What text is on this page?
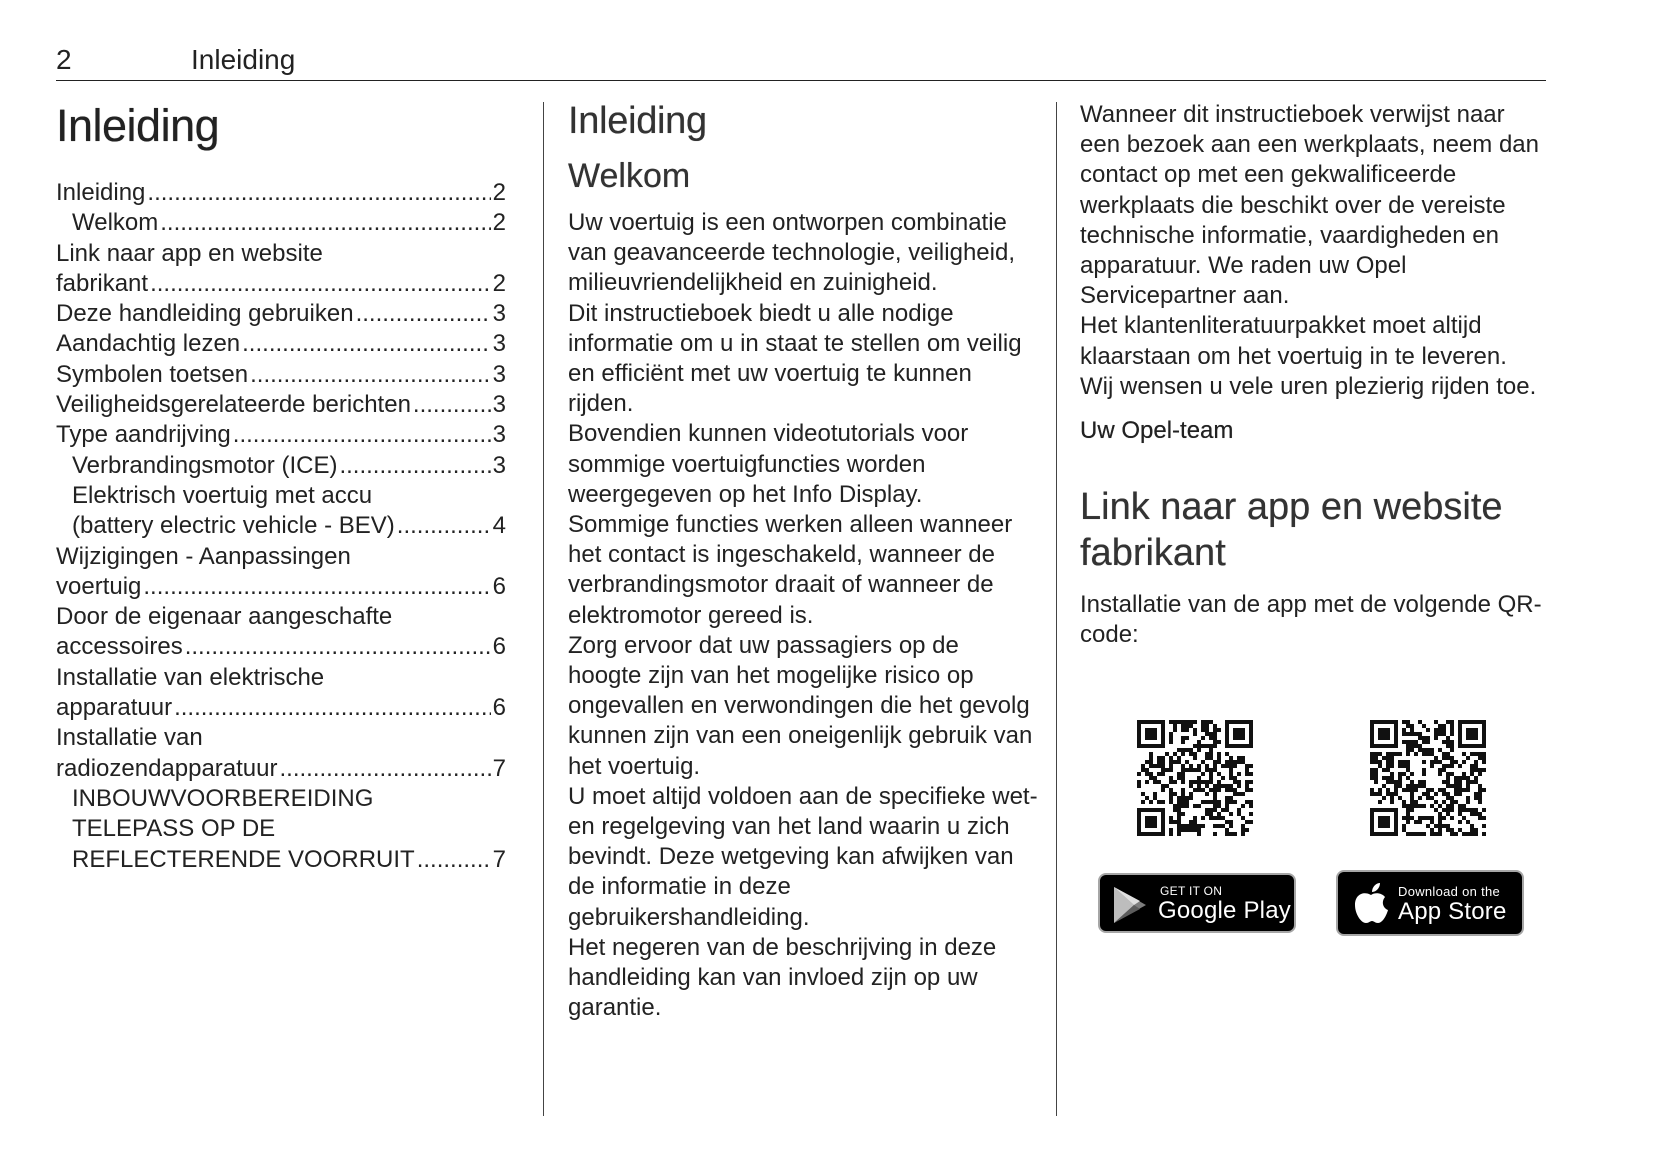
2	Inleiding
Inleiding
Inleiding .....	2
Welkom .....	2
Link naar app en website
fabrikant .....	2
Deze handleiding gebruiken .....	3
Aandachtig lezen .....	3
Symbolen toetsen .....	3
Veiligheidsgerelateerde berichten .....	3
Type aandrijving .....	3
Verbrandingsmotor (ICE) .....	3
Elektrisch voertuig met accu
(battery electric vehicle - BEV) .....	4
Wijzigingen - Aanpassingen
voertuig .....	6
Door de eigenaar aangeschafte
accessoires .....	6
Installatie van elektrische
apparatuur .....	6
Installatie van
radiozendapparatuur .....	7
INBOUWVOORBEREIDING
TELEPASS OP DE
REFLECTERENDE VOORRUIT .....	7
Inleiding
Welkom

Uw voertuig is een ontworpen combinatie van geavanceerde technologie, veiligheid, milieuvriendelijkheid en zuinigheid.

Dit instructieboek biedt u alle nodige informatie om u in staat te stellen om veilig en efficiënt met uw voertuig te kunnen rijden.

Bovendien kunnen videotutorials voor sommige voertuigfuncties worden weergegeven op het Info Display.

Sommige functies werken alleen wanneer het contact is ingeschakeld, wanneer de verbrandingsmotor draait of wanneer de elektromotor gereed is.

Zorg ervoor dat uw passagiers op de hoogte zijn van het mogelijke risico op ongevallen en verwondingen die het gevolg kunnen zijn van een oneigenlijk gebruik van het voertuig.

U moet altijd voldoen aan de specifieke wet- en regelgeving van het land waarin u zich bevindt. Deze wetgeving kan afwijken van de informatie in deze gebruikershandleiding.

Het negeren van de beschrijving in deze handleiding kan van invloed zijn op uw garantie.

Wanneer dit instructieboek verwijst naar een bezoek aan een werkplaats, neem dan contact op met een gekwalificeerde werkplaats die beschikt over de vereiste technische informatie, vaardigheden en apparatuur. We raden uw Opel Servicepartner aan.

Het klantenliteratuurpakket moet altijd klaarstaan om het voertuig in te leveren.

Wij wensen u vele uren plezierig rijden toe.

Uw Opel-team

Link naar app en website fabrikant

Installatie van de app met de volgende QR-code:

GET IT ON
Google Play
Download on the
App Store
